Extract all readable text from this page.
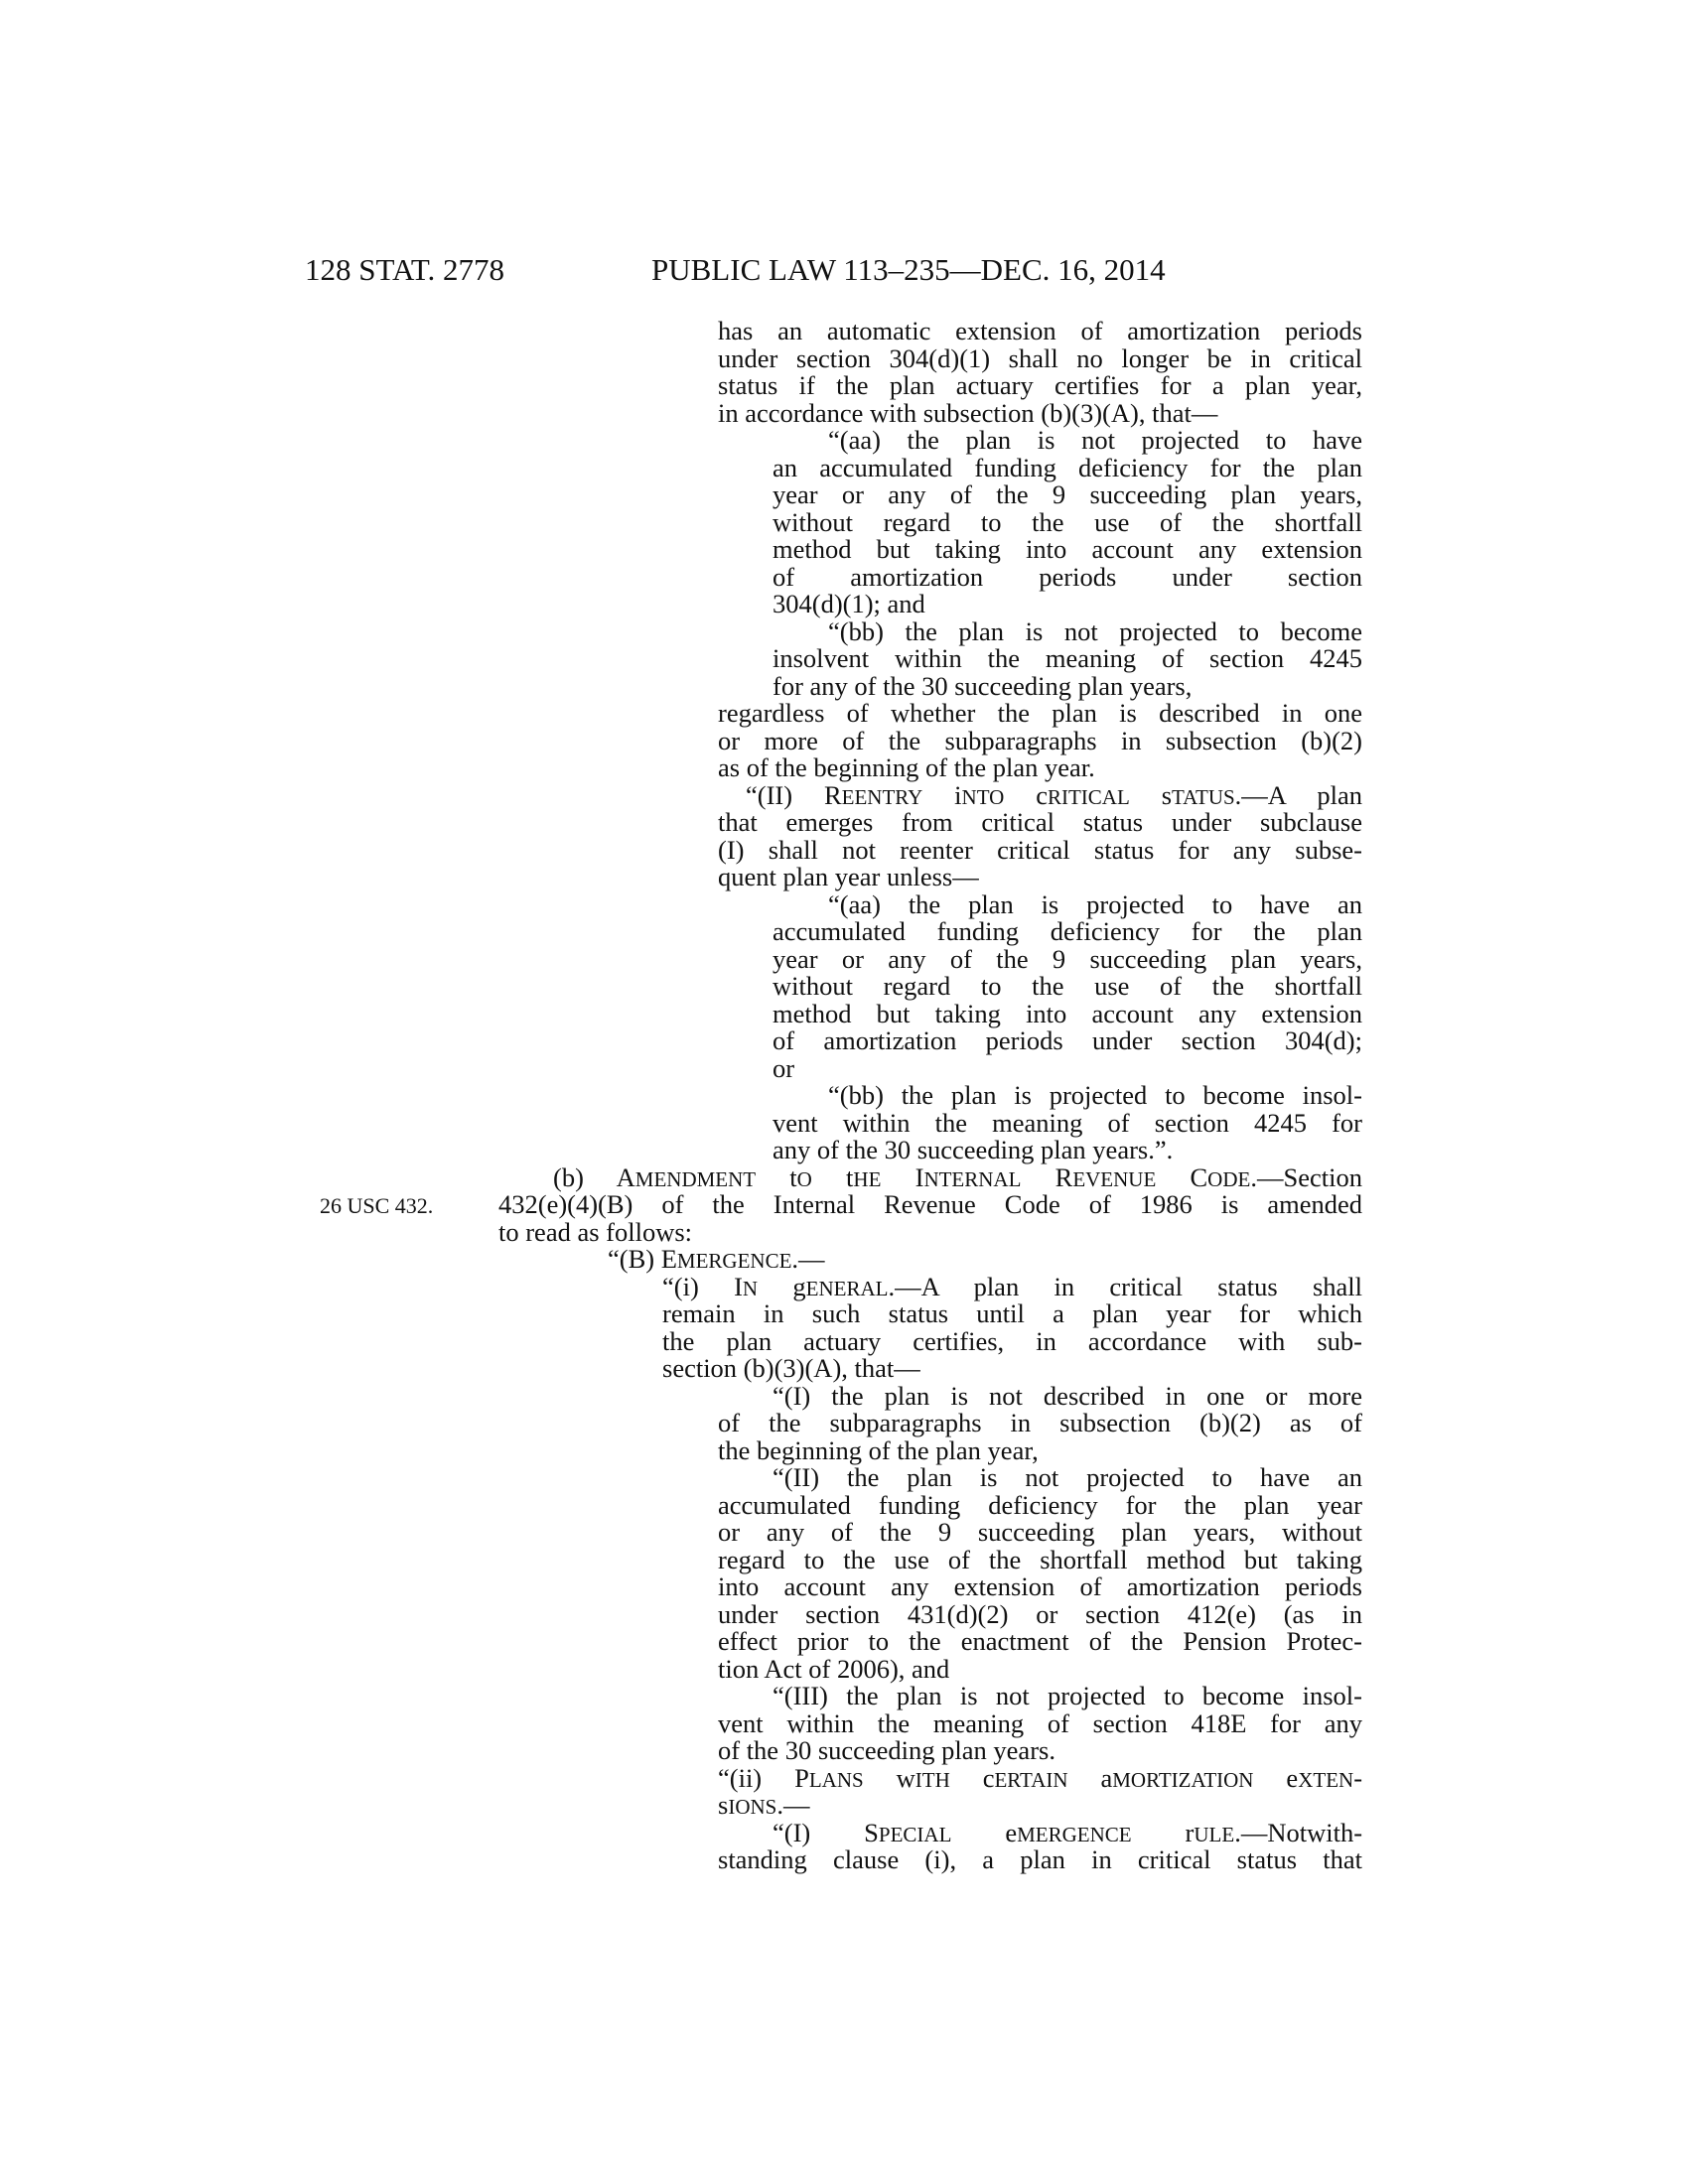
128 STAT. 2778	PUBLIC LAW 113–235—DEC. 16, 2014
26 USC 432.

has an automatic extension of amortization periods

under section 304(d)(1) shall no longer be in critical

status if the plan actuary certifies for a plan year,

in accordance with subsection (b)(3)(A), that—

“(aa) the plan is not projected to have

an accumulated funding deficiency for the plan

year or any of the 9 succeeding plan years,

without regard to the use of the shortfall

method but taking into account any extension

of amortization periods under section

304(d)(1); and

“(bb) the plan is not projected to become

insolvent within the meaning of section 4245

for any of the 30 succeeding plan years,

regardless of whether the plan is described in one

or more of the subparagraphs in subsection (b)(2)

as of the beginning of the plan year.

“(II) REENTRY iNTO cRITICAL sTATUS.—A plan

that emerges from critical status under subclause

(I) shall not reenter critical status for any subse-

quent plan year unless—

“(aa) the plan is projected to have an

accumulated funding deficiency for the plan

year or any of the 9 succeeding plan years,

without regard to the use of the shortfall

method but taking into account any extension

of amortization periods under section 304(d);

or

“(bb) the plan is projected to become insol-

vent within the meaning of section 4245 for

any of the 30 succeeding plan years.”.

(b) AMENDMENT tO tHE INTERNAL REVENUE CODE.—Section

432(e)(4)(B) of the Internal Revenue Code of 1986 is amended

to read as follows:

“(B) EMERGENCE.—

“(i) IN gENERAL.—A plan in critical status shall

remain in such status until a plan year for which

the plan actuary certifies, in accordance with sub-

section (b)(3)(A), that—

“(I) the plan is not described in one or more

of the subparagraphs in subsection (b)(2) as of

the beginning of the plan year,

“(II) the plan is not projected to have an

accumulated funding deficiency for the plan year

or any of the 9 succeeding plan years, without

regard to the use of the shortfall method but taking

into account any extension of amortization periods

under section 431(d)(2) or section 412(e) (as in

effect prior to the enactment of the Pension Protec-

tion Act of 2006), and

“(III) the plan is not projected to become insol-

vent within the meaning of section 418E for any

of the 30 succeeding plan years.

“(ii) PLANS wITH cERTAIN aMORTIZATION eXTEN-

sIONS.—

“(I) SPECIAL eMERGENCE rULE.—Notwith-

standing clause (i), a plan in critical status that
